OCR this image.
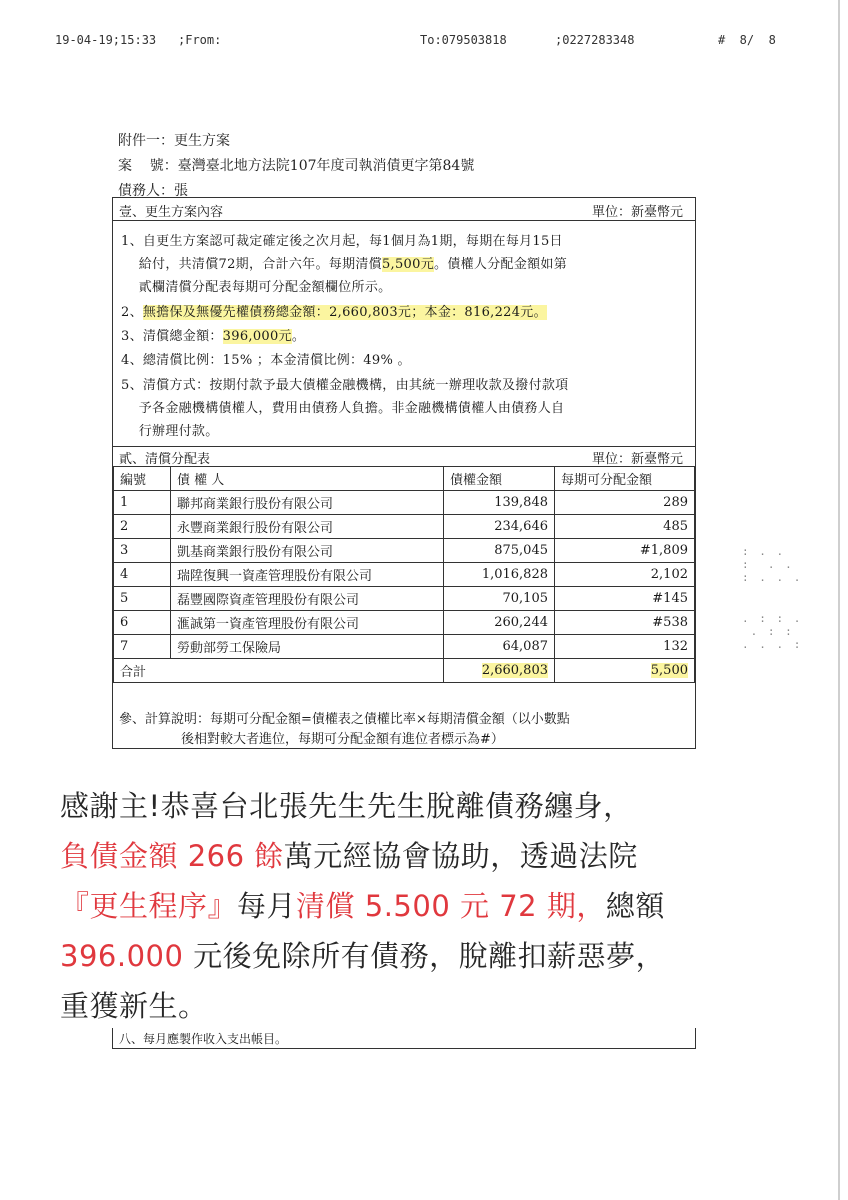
19-04-19;15:33 ;From:	To:079503818	;0227283348	#  8/  8
附件一：更生方案
案    號：臺灣臺北地方法院107年度司執消債更字第84號
債務人：張
壹、更生方案內容	單位：新臺幣元
1、自更生方案認可裁定確定後之次月起，每1個月為1期，每期在每月15日
給付，共清償72期，合計六年。每期清償5,500元。債權人分配金額如第
貳欄清償分配表每期可分配金額欄位所示。
2、無擔保及無優先權債務總金額：2,660,803元；本金：816,224元。
3、清償總金額：396,000元。
4、總清償比例：15% ；本金清償比例：49% 。
5、清償方式：按期付款予最大債權金融機構，由其統一辦理收款及撥付款項
予各金融機構債權人，費用由債務人負擔。非金融機構債權人由債務人自
行辦理付款。
貳、清償分配表	單位：新臺幣元
編號	債 權 人	債權金額	每期可分配金額
1	聯邦商業銀行股份有限公司	139,848	289
2	永豐商業銀行股份有限公司	234,646	485
3	凱基商業銀行股份有限公司	875,045	#1,809
4	瑞陞復興一資產管理股份有限公司	1,016,828	2,102
5	磊豐國際資產管理股份有限公司	70,105	#145
6	滙誠第一資產管理股份有限公司	260,244	#538
7	勞動部勞工保險局	64,087	132
合計		2,660,803	5,500
參、計算說明：每期可分配金額=債權表之債權比率×每期清償金額（以小數點
後相對較大者進位，每期可分配金額有進位者標示為#）
: . .
:  . .
: . . .
. : : .
. : :
. . . :
感謝主!恭喜台北張先生先生脫離債務纏身，
負債金額 266 餘萬元經協會協助，透過法院
『更生程序』每月清償 5.500 元 72 期，總額
396.000 元後免除所有債務，脫離扣薪惡夢，
重獲新生。
八、每月應製作收入支出帳目。
